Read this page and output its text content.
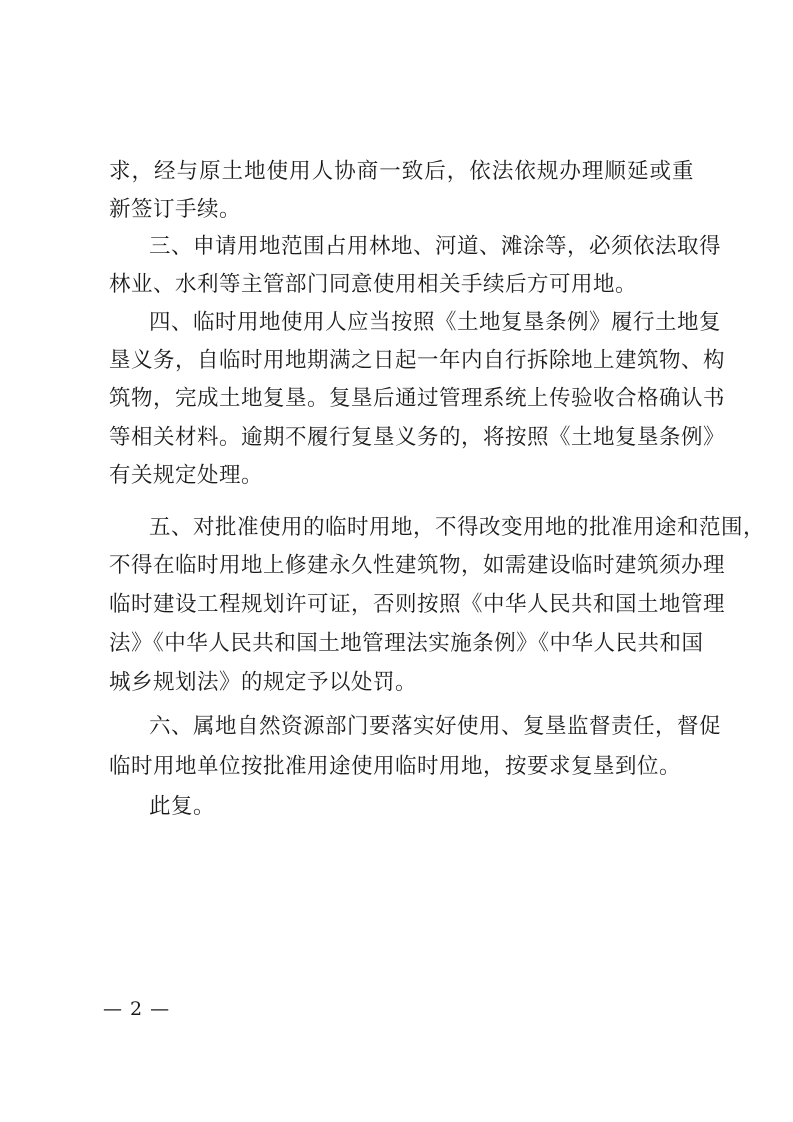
求，经与原土地使用人协商一致后，依法依规办理顺延或重
新签订手续。
三、申请用地范围占用林地、河道、滩涂等，必须依法取得
林业、水利等主管部门同意使用相关手续后方可用地。
四、临时用地使用人应当按照《土地复垦条例》履行土地复
垦义务，自临时用地期满之日起一年内自行拆除地上建筑物、构
筑物，完成土地复垦。复垦后通过管理系统上传验收合格确认书
等相关材料。逾期不履行复垦义务的，将按照《土地复垦条例》
有关规定处理。
五、对批准使用的临时用地，不得改变用地的批准用途和范围，
不得在临时用地上修建永久性建筑物，如需建设临时建筑须办理
临时建设工程规划许可证，否则按照《中华人民共和国土地管理
法》《中华人民共和国土地管理法实施条例》《中华人民共和国
城乡规划法》的规定予以处罚。
六、属地自然资源部门要落实好使用、复垦监督责任，督促
临时用地单位按批准用途使用临时用地，按要求复垦到位。
此复。
— 2 —
